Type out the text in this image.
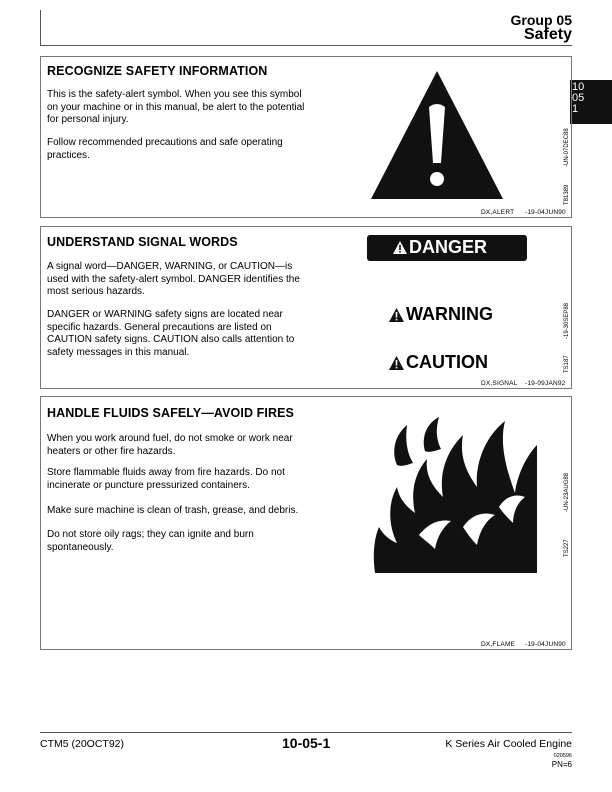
Group 05
Safety
10
05
1
RECOGNIZE SAFETY INFORMATION
This is the safety-alert symbol. When you see this symbol on your machine or in this manual, be alert to the potential for personal injury.
Follow recommended precautions and safe operating practices.
DX,ALERT -19-04JUN90
T81389
-UN-07DEC88
UNDERSTAND SIGNAL WORDS
A signal word—DANGER, WARNING, or CAUTION—is used with the safety-alert symbol. DANGER identifies the most serious hazards.
DANGER or WARNING safety signs are located near specific hazards. General precautions are listed on CAUTION safety signs. CAUTION also calls attention to safety messages in this manual.
DANGER
WARNING
CAUTION
DX,SIGNAL -19-09JAN92
TS187
-19-30SEP88
HANDLE FLUIDS SAFELY—AVOID FIRES
When you work around fuel, do not smoke or work near heaters or other fire hazards.
Store flammable fluids away from fire hazards. Do not incinerate or puncture pressurized containers.
Make sure machine is clean of trash, grease, and debris.
Do not store oily rags; they can ignite and burn spontaneously.
DX,FLAME -19-04JUN90
TS227
-UN-23AUG88
CTM5 (20OCT92)	10-05-1	K Series Air Cooled Engine
020596
PN=6
